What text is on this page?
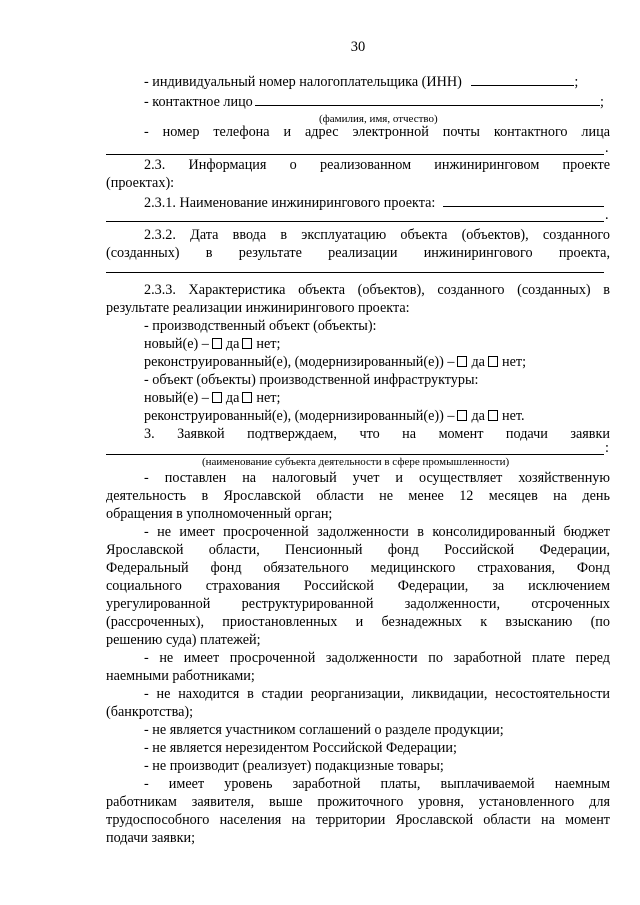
30
- индивидуальный номер налогоплательщика (ИНН)	;
- контактное лицо	;
(фамилия, имя, отчество)
- номер телефона и адрес электронной почты контактного лица
.
2.3. Информация о реализованном инжиниринговом проекте
(проектах):
2.3.1. Наименование инжинирингового проекта:
.
2.3.2. Дата ввода в эксплуатацию объекта (объектов), созданного
(созданных) в результате реализации инжинирингового проекта,
2.3.3. Характеристика объекта (объектов), созданного (созданных) в
результате реализации инжинирингового проекта:
- производственный объект (объекты):
новый(е) – да нет;
реконструированный(е), (модернизированный(е)) – да нет;
- объект (объекты) производственной инфраструктуры:
новый(е) – да нет;
реконструированный(е), (модернизированный(е)) – да нет.
3. Заявкой подтверждаем, что на момент подачи заявки
:
(наименование субъекта деятельности в сфере промышленности)
- поставлен на налоговый учет и осуществляет хозяйственную
деятельность в Ярославской области не менее 12 месяцев на день
обращения в уполномоченный орган;
- не имеет просроченной задолженности в консолидированный бюджет
Ярославской области, Пенсионный фонд Российской Федерации,
Федеральный фонд обязательного медицинского страхования, Фонд
социального страхования Российской Федерации, за исключением
урегулированной реструктурированной задолженности, отсроченных
(рассроченных), приостановленных и безнадежных к взысканию (по
решению суда) платежей;
- не имеет просроченной задолженности по заработной плате перед
наемными работниками;
- не находится в стадии реорганизации, ликвидации, несостоятельности
(банкротства);
- не является участником соглашений о разделе продукции;
- не является нерезидентом Российской Федерации;
- не производит (реализует) подакцизные товары;
- имеет уровень заработной платы, выплачиваемой наемным
работникам заявителя, выше прожиточного уровня, установленного для
трудоспособного населения на территории Ярославской области на момент
подачи заявки;
